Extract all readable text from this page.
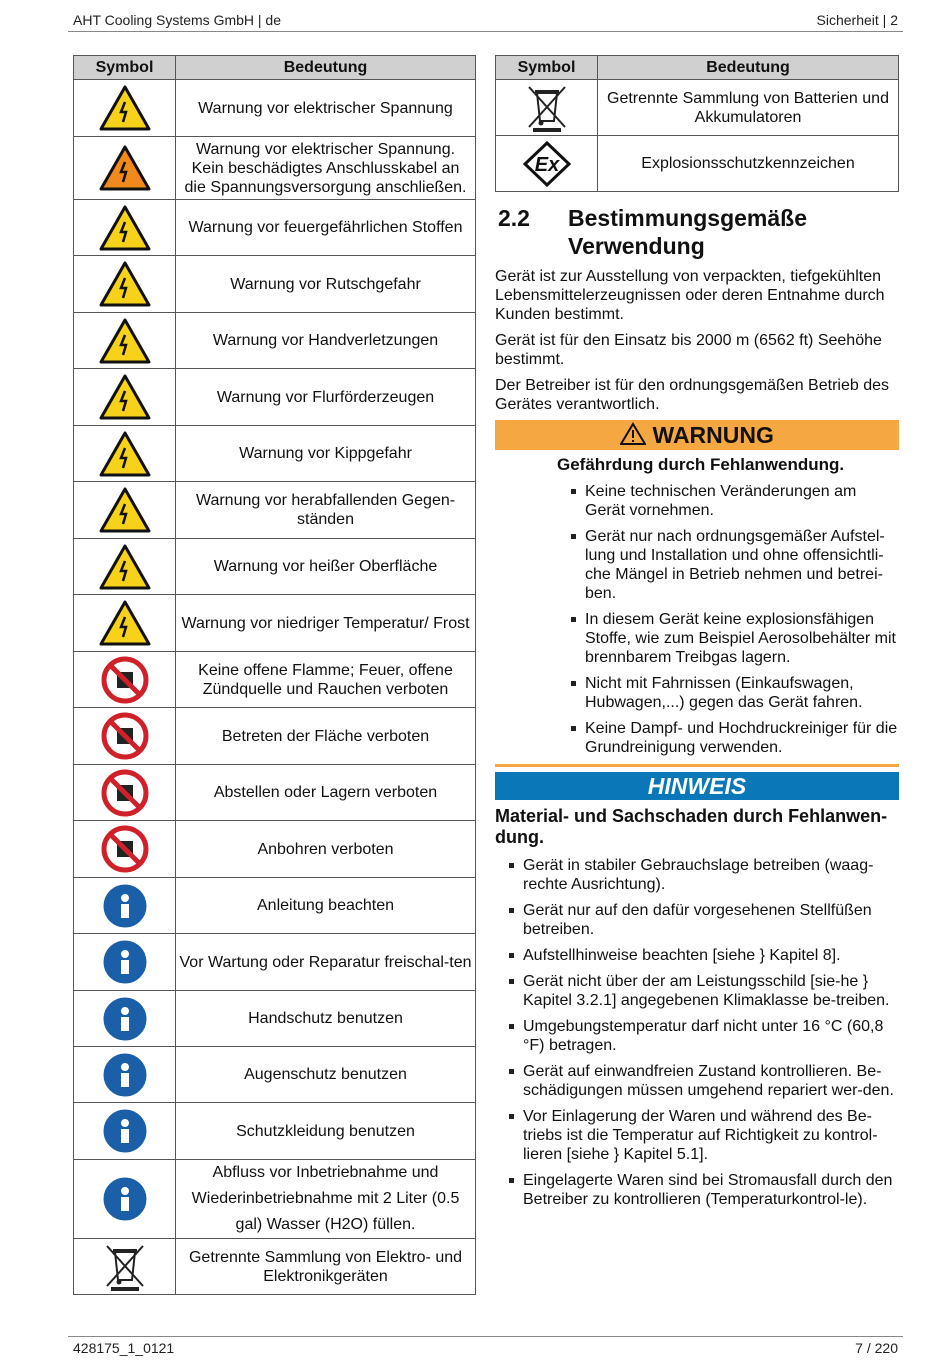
AHT Cooling Systems GmbH | de	Sicherheit | 2
Symbol	Bedeutung

	Warnung vor elektrischer Spannung

	Warnung vor elektrischer Spannung. Kein beschädigtes Anschlusskabel an die Spannungsversorgung anschließen.

	Warnung vor feuergefährlichen Stoffen

	Warnung vor Rutschgefahr

	Warnung vor Handverletzungen

	Warnung vor Flurförderzeugen

	Warnung vor Kippgefahr

	Warnung vor herabfallenden Gegen-ständen

	Warnung vor heißer Oberfläche

	Warnung vor niedriger Temperatur/ Frost

	Keine offene Flamme; Feuer, offene Zündquelle und Rauchen verboten

	Betreten der Fläche verboten

	Abstellen oder Lagern verboten

	Anbohren verboten

	Anleitung beachten

	Vor Wartung oder Reparatur freischal-ten

	Handschutz benutzen

	Augenschutz benutzen

	Schutzkleidung benutzen

	Abfluss vor Inbetriebnahme und Wiederinbetriebnahme mit 2 Liter (0.5 gal) Wasser (H2O) füllen.

	Getrennte Sammlung von Elektro- und Elektronikgeräten
Symbol	Bedeutung

	Getrennte Sammlung von Batterien und Akkumulatoren

Ex	Explosionsschutzkennzeichen
2.2 Bestimmungsgemäße Verwendung

Gerät ist zur Ausstellung von verpackten, tiefgekühlten Lebensmittelerzeugnissen oder deren Entnahme durch Kunden bestimmt.

Gerät ist für den Einsatz bis 2000 m (6562 ft) Seehöhe bestimmt.

Der Betreiber ist für den ordnungsgemäßen Betrieb des Gerätes verantwortlich.

WARNUNG
Gefährdung durch Fehlanwendung.
Keine technischen Veränderungen am Gerät vornehmen.
Gerät nur nach ordnungsgemäßer Aufstel-lung und Installation und ohne offensichtli-che Mängel in Betrieb nehmen und betrei-ben.
In diesem Gerät keine explosionsfähigen Stoffe, wie zum Beispiel Aerosolbehälter mit brennbarem Treibgas lagern.
Nicht mit Fahrnissen (Einkaufswagen, Hubwagen,...) gegen das Gerät fahren.
Keine Dampf- und Hochdruckreiniger für die Grundreinigung verwenden.
HINWEIS
Material- und Sachschaden durch Fehlanwen-dung.
Gerät in stabiler Gebrauchslage betreiben (waag-rechte Ausrichtung).
Gerät nur auf den dafür vorgesehenen Stellfüßen betreiben.
Aufstellhinweise beachten [siehe } Kapitel 8].
Gerät nicht über der am Leistungsschild [sie-he } Kapitel 3.2.1] angegebenen Klimaklasse be-treiben.
Umgebungstemperatur darf nicht unter 16 °C (60,8 °F) betragen.
Gerät auf einwandfreien Zustand kontrollieren. Be-schädigungen müssen umgehend repariert wer-den.
Vor Einlagerung der Waren und während des Be-triebs ist die Temperatur auf Richtigkeit zu kontrol-lieren [siehe } Kapitel 5.1].
Eingelagerte Waren sind bei Stromausfall durch den Betreiber zu kontrollieren (Temperaturkontrol-le).
428175_1_0121	7 / 220
